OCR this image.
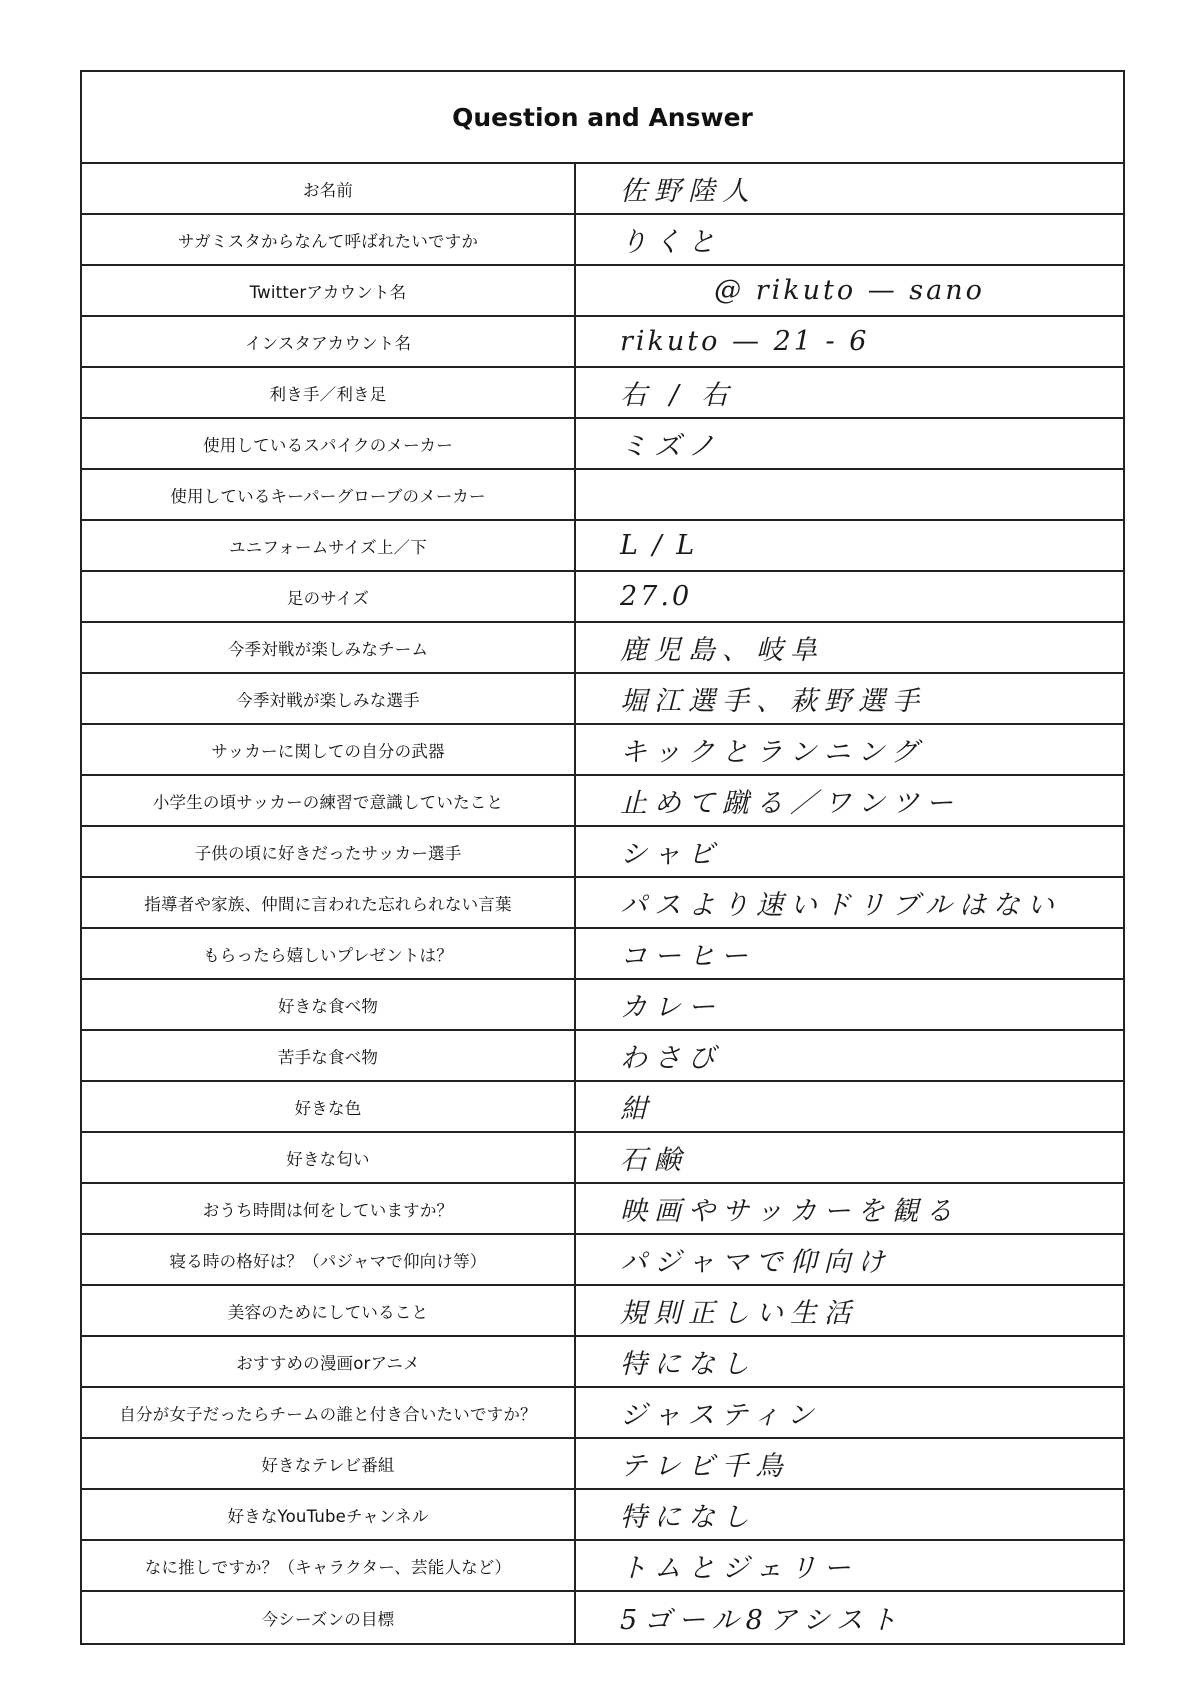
Question and Answer
お名前	佐野陸人
サガミスタからなんて呼ばれたいですか	りくと
Twitterアカウント名	@ rikuto — sano
インスタアカウント名	rikuto — 21 - 6
利き手／利き足	右 / 右
使用しているスパイクのメーカー	ミズノ
使用しているキーパーグローブのメーカー
ユニフォームサイズ上／下	L / L
足のサイズ	27.0
今季対戦が楽しみなチーム	鹿児島、岐阜
今季対戦が楽しみな選手	堀江選手、萩野選手
サッカーに関しての自分の武器	キックとランニング
小学生の頃サッカーの練習で意識していたこと	止めて蹴る／ワンツー
子供の頃に好きだったサッカー選手	シャビ
指導者や家族、仲間に言われた忘れられない言葉	パスより速いドリブルはない
もらったら嬉しいプレゼントは？	コーヒー
好きな食べ物	カレー
苦手な食べ物	わさび
好きな色	紺
好きな匂い	石鹸
おうち時間は何をしていますか？	映画やサッカーを観る
寝る時の格好は？（パジャマで仰向け等）	パジャマで仰向け
美容のためにしていること	規則正しい生活
おすすめの漫画orアニメ	特になし
自分が女子だったらチームの誰と付き合いたいですか？	ジャスティン
好きなテレビ番組	テレビ千鳥
好きなYouTubeチャンネル	特になし
なに推しですか？（キャラクター、芸能人など）	トムとジェリー
今シーズンの目標	5ゴール8アシスト
